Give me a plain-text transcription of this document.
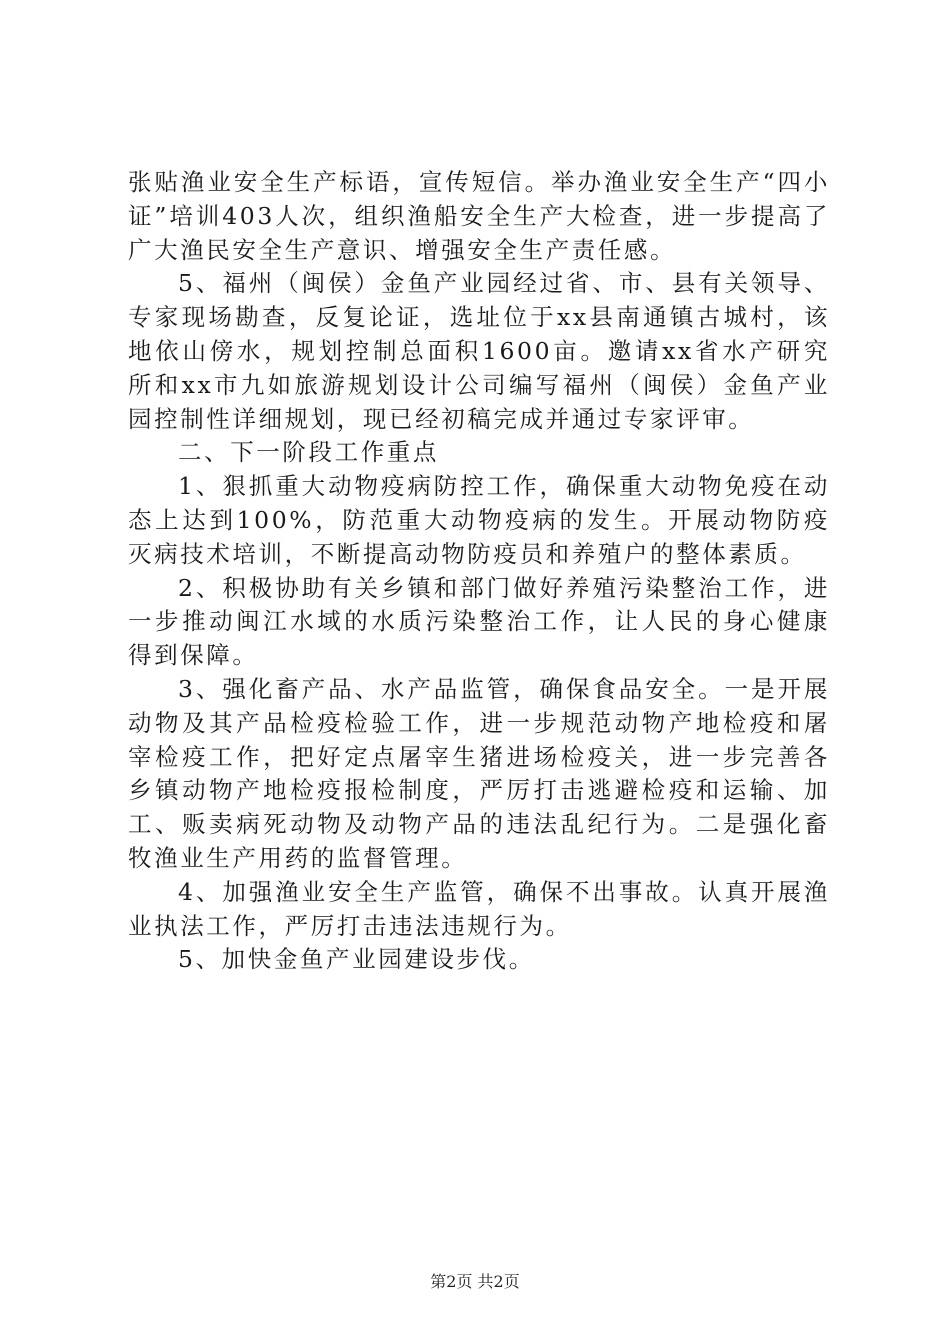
张贴渔业安全生产标语，宣传短信。举办渔业安全生产“四小证”培训403人次，组织渔船安全生产大检查，进一步提高了广大渔民安全生产意识、增强安全生产责任感。

5、福州（闽侯）金鱼产业园经过省、市、县有关领导、专家现场勘查，反复论证，选址位于xx县南通镇古城村，该地依山傍水，规划控制总面积1600亩。邀请xx省水产研究所和xx市九如旅游规划设计公司编写福州（闽侯）金鱼产业园控制性详细规划，现已经初稿完成并通过专家评审。

二、下一阶段工作重点

1、狠抓重大动物疫病防控工作，确保重大动物免疫在动态上达到100%，防范重大动物疫病的发生。开展动物防疫灭病技术培训，不断提高动物防疫员和养殖户的整体素质。

2、积极协助有关乡镇和部门做好养殖污染整治工作，进一步推动闽江水域的水质污染整治工作，让人民的身心健康得到保障。

3、强化畜产品、水产品监管，确保食品安全。一是开展动物及其产品检疫检验工作，进一步规范动物产地检疫和屠宰检疫工作，把好定点屠宰生猪进场检疫关，进一步完善各乡镇动物产地检疫报检制度，严厉打击逃避检疫和运输、加工、贩卖病死动物及动物产品的违法乱纪行为。二是强化畜牧渔业生产用药的监督管理。

4、加强渔业安全生产监管，确保不出事故。认真开展渔业执法工作，严厉打击违法违规行为。

5、加快金鱼产业园建设步伐。

第2页 共2页
